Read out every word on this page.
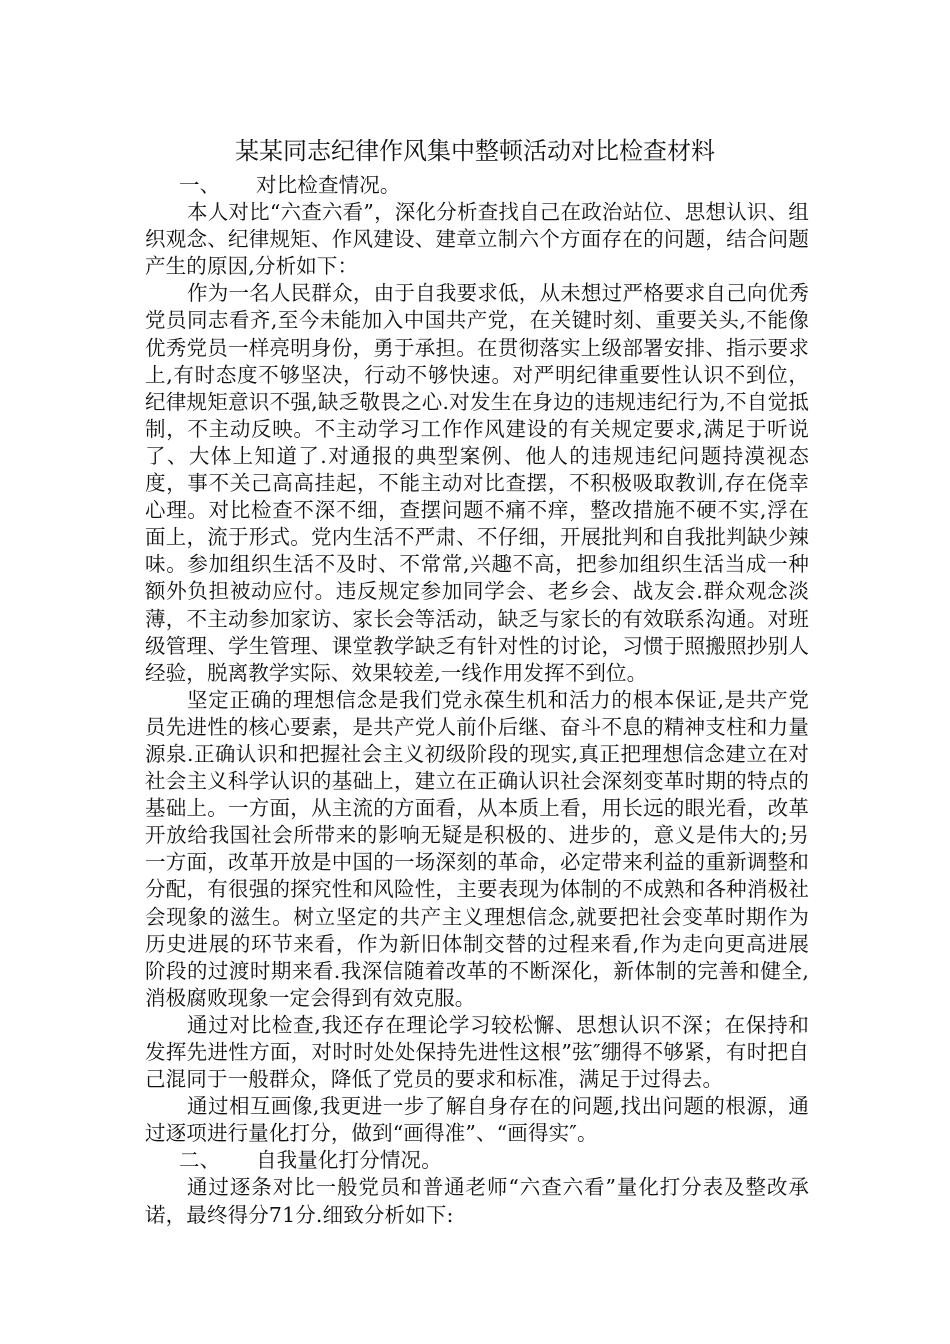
某某同志纪律作风集中整顿活动对比检查材料

一、 对比检查情况。

本人对比“六查六看”，深化分析查找自己在政治站位、思想认识、组织观念、纪律规矩、作风建设、建章立制六个方面存在的问题，结合问题产生的原因,分析如下：

作为一名人民群众，由于自我要求低，从未想过严格要求自己向优秀党员同志看齐,至今未能加入中国共产党，在关键时刻、重要关头,不能像优秀党员一样亮明身份，勇于承担。在贯彻落实上级部署安排、指示要求上,有时态度不够坚决，行动不够快速。对严明纪律重要性认识不到位，纪律规矩意识不强,缺乏敬畏之心.对发生在身边的违规违纪行为,不自觉抵制，不主动反映。不主动学习工作作风建设的有关规定要求,满足于听说了、大体上知道了.对通报的典型案例、他人的违规违纪问题持漠视态度，事不关己高高挂起，不能主动对比查摆，不积极吸取教训,存在侥幸心理。对比检查不深不细，查摆问题不痛不痒，整改措施不硬不实,浮在面上，流于形式。党内生活不严肃、不仔细，开展批判和自我批判缺少辣味。参加组织生活不及时、不常常,兴趣不高，把参加组织生活当成一种额外负担被动应付。违反规定参加同学会、老乡会、战友会.群众观念淡薄，不主动参加家访、家长会等活动，缺乏与家长的有效联系沟通。对班级管理、学生管理、课堂教学缺乏有针对性的讨论，习惯于照搬照抄别人经验，脱离教学实际、效果较差,一线作用发挥不到位。

坚定正确的理想信念是我们党永葆生机和活力的根本保证,是共产党员先进性的核心要素，是共产党人前仆后继、奋斗不息的精神支柱和力量源泉.正确认识和把握社会主义初级阶段的现实,真正把理想信念建立在对社会主义科学认识的基础上，建立在正确认识社会深刻变革时期的特点的基础上。一方面，从主流的方面看，从本质上看，用长远的眼光看，改革开放给我国社会所带来的影响无疑是积极的、进步的，意义是伟大的;另一方面，改革开放是中国的一场深刻的革命，必定带来利益的重新调整和分配，有很强的探究性和风险性，主要表现为体制的不成熟和各种消极社会现象的滋生。树立坚定的共产主义理想信念,就要把社会变革时期作为历史进展的环节来看，作为新旧体制交替的过程来看,作为走向更高进展阶段的过渡时期来看.我深信随着改革的不断深化，新体制的完善和健全,消极腐败现象一定会得到有效克服。

通过对比检查,我还存在理论学习较松懈、思想认识不深；在保持和发挥先进性方面，对时时处处保持先进性这根”弦″绷得不够紧，有时把自己混同于一般群众，降低了党员的要求和标准，满足于过得去。

通过相互画像,我更进一步了解自身存在的问题,找出问题的根源，通过逐项进行量化打分，做到“画得准”、“画得实″。

二、 自我量化打分情况。

通过逐条对比一般党员和普通老师“六查六看”量化打分表及整改承诺，最终得分71分.细致分析如下:
